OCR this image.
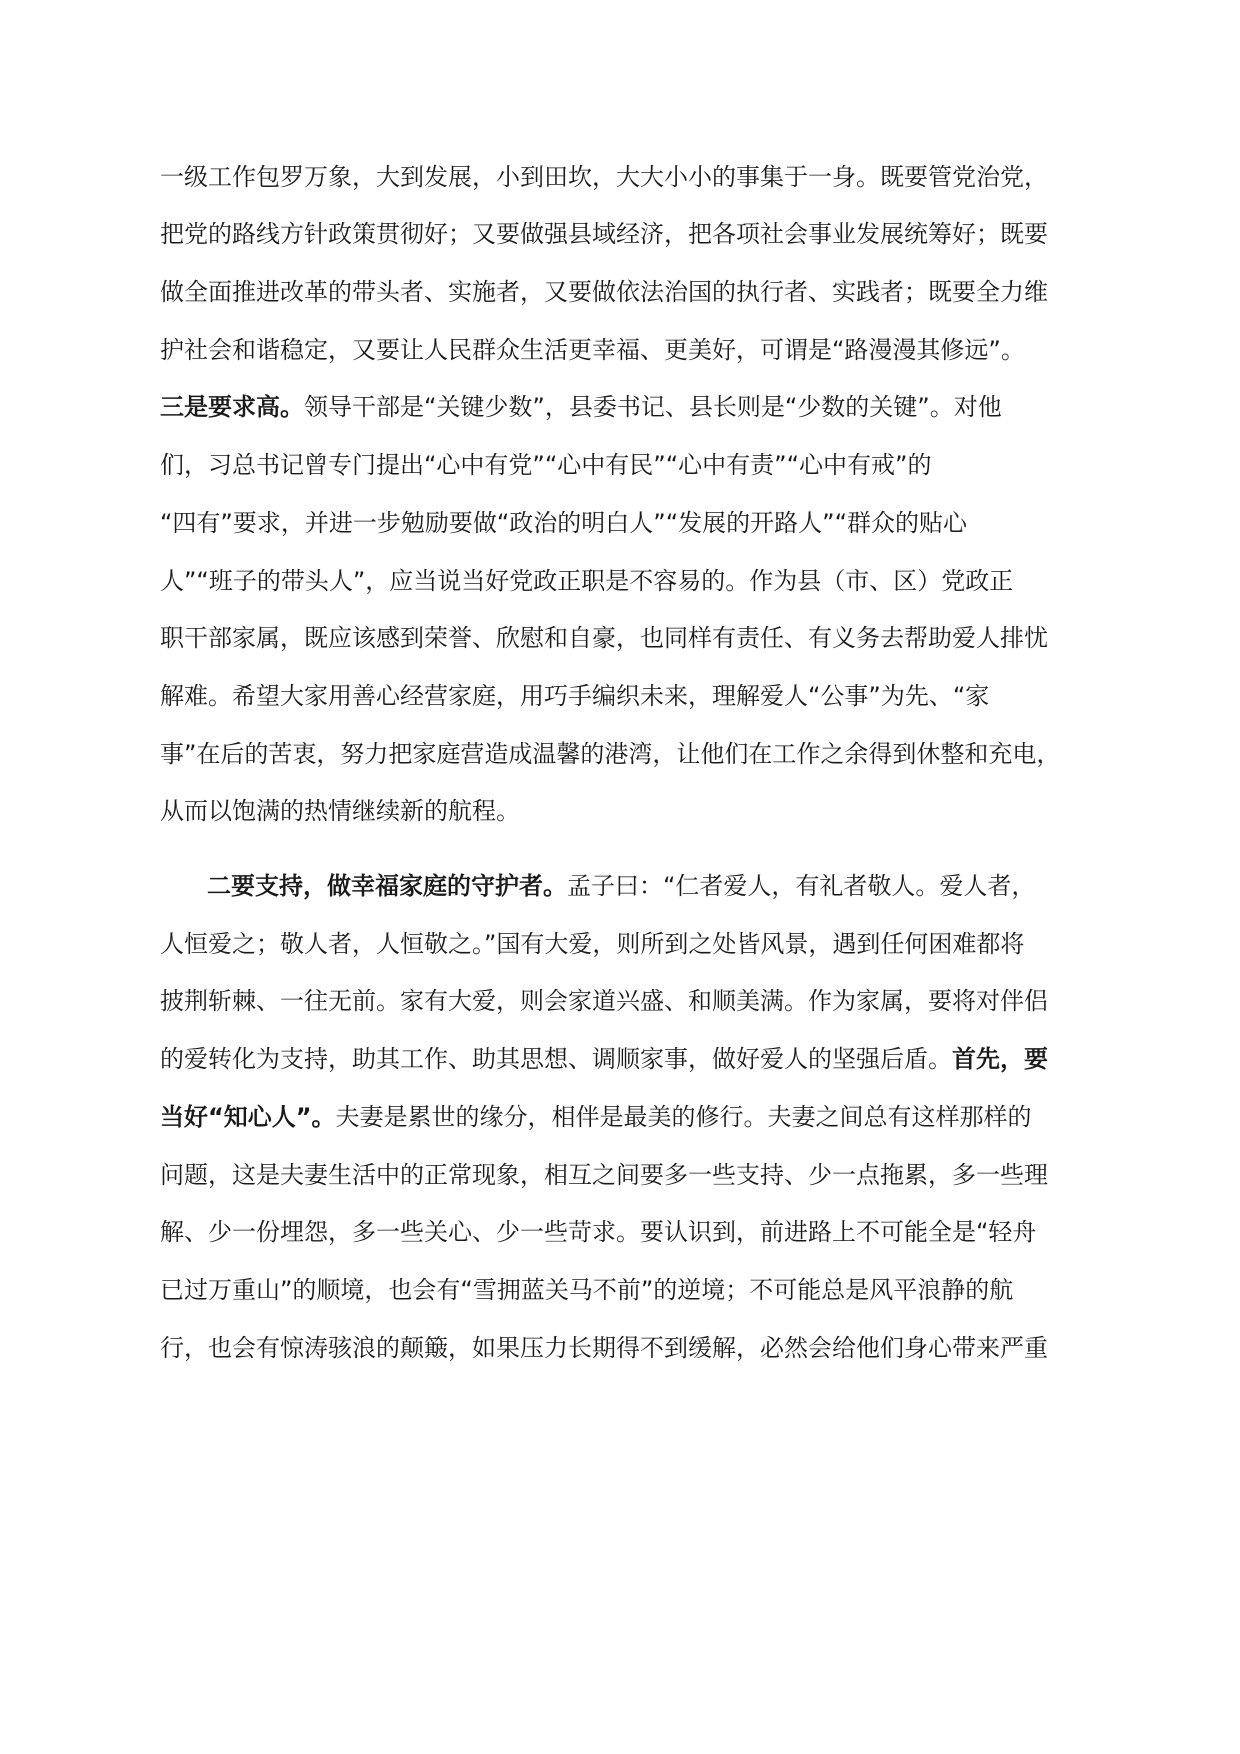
一级工作包罗万象，大到发展，小到田坎，大大小小的事集于一身。既要管党治党，
把党的路线方针政策贯彻好；又要做强县域经济，把各项社会事业发展统筹好；既要
做全面推进改革的带头者、实施者，又要做依法治国的执行者、实践者；既要全力维
护社会和谐稳定，又要让人民群众生活更幸福、更美好，可谓是“路漫漫其修远”。
三是要求高。领导干部是“关键少数”，县委书记、县长则是“少数的关键”。对他
们，习总书记曾专门提出“心中有党”“心中有民”“心中有责”“心中有戒”的
“四有”要求，并进一步勉励要做“政治的明白人”“发展的开路人”“群众的贴心
人”“班子的带头人”，应当说当好党政正职是不容易的。作为县（市、区）党政正
职干部家属，既应该感到荣誉、欣慰和自豪，也同样有责任、有义务去帮助爱人排忧
解难。希望大家用善心经营家庭，用巧手编织未来，理解爱人“公事”为先、“家
事”在后的苦衷，努力把家庭营造成温馨的港湾，让他们在工作之余得到休整和充电，
从而以饱满的热情继续新的航程。
二要支持，做幸福家庭的守护者。孟子曰：“仁者爱人，有礼者敬人。爱人者，
人恒爱之；敬人者，人恒敬之。”国有大爱，则所到之处皆风景，遇到任何困难都将
披荆斩棘、一往无前。家有大爱，则会家道兴盛、和顺美满。作为家属，要将对伴侣
的爱转化为支持，助其工作、助其思想、调顺家事，做好爱人的坚强后盾。首先，要
当好“知心人”。夫妻是累世的缘分，相伴是最美的修行。夫妻之间总有这样那样的
问题，这是夫妻生活中的正常现象，相互之间要多一些支持、少一点拖累，多一些理
解、少一份埋怨，多一些关心、少一些苛求。要认识到，前进路上不可能全是“轻舟
已过万重山”的顺境，也会有“雪拥蓝关马不前”的逆境；不可能总是风平浪静的航
行，也会有惊涛骇浪的颠簸，如果压力长期得不到缓解，必然会给他们身心带来严重
